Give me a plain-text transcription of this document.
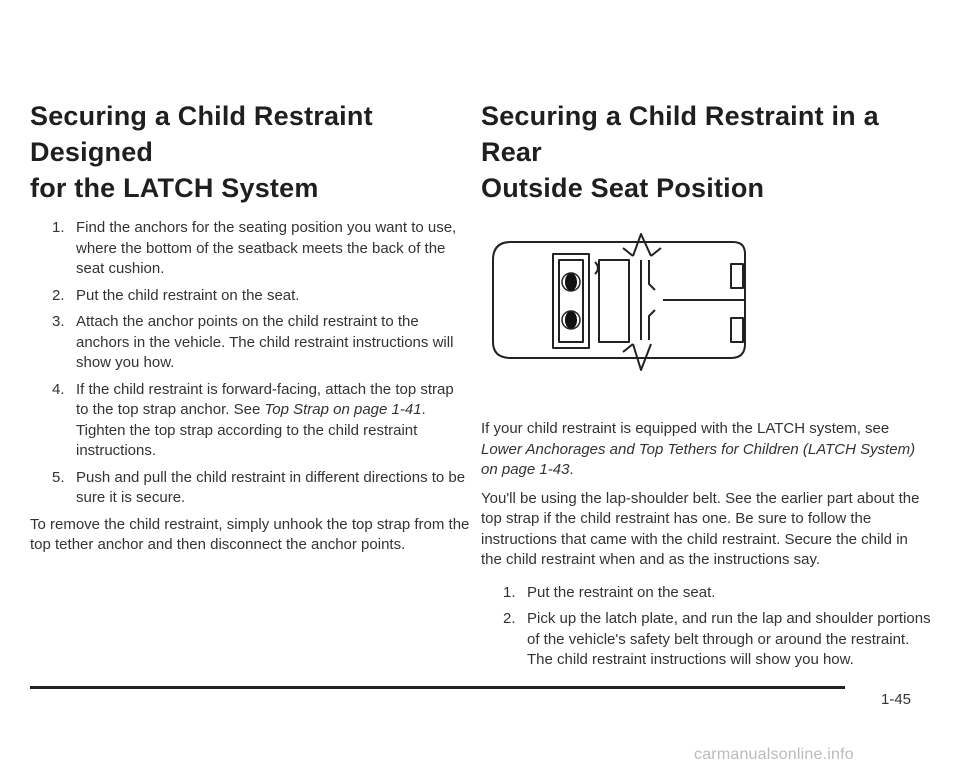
Securing a Child Restraint Designed
for the LATCH System
1. Find the anchors for the seating position you want to use, where the bottom of the seatback meets the back of the seat cushion.
2. Put the child restraint on the seat.
3. Attach the anchor points on the child restraint to the anchors in the vehicle. The child restraint instructions will show you how.
4. If the child restraint is forward-facing, attach the top strap to the top strap anchor. See Top Strap on page 1-41. Tighten the top strap according to the child restraint instructions.
5. Push and pull the child restraint in different directions to be sure it is secure.

To remove the child restraint, simply unhook the top strap from the top tether anchor and then disconnect the anchor points.

Securing a Child Restraint in a Rear
Outside Seat Position

If your child restraint is equipped with the LATCH system, see Lower Anchorages and Top Tethers for Children (LATCH System) on page 1-43.

You'll be using the lap-shoulder belt. See the earlier part about the top strap if the child restraint has one. Be sure to follow the instructions that came with the child restraint. Secure the child in the child restraint when and as the instructions say.

1. Put the restraint on the seat.
2. Pick up the latch plate, and run the lap and shoulder portions of the vehicle's safety belt through or around the restraint. The child restraint instructions will show you how.
1-45
carmanualsonline.info
